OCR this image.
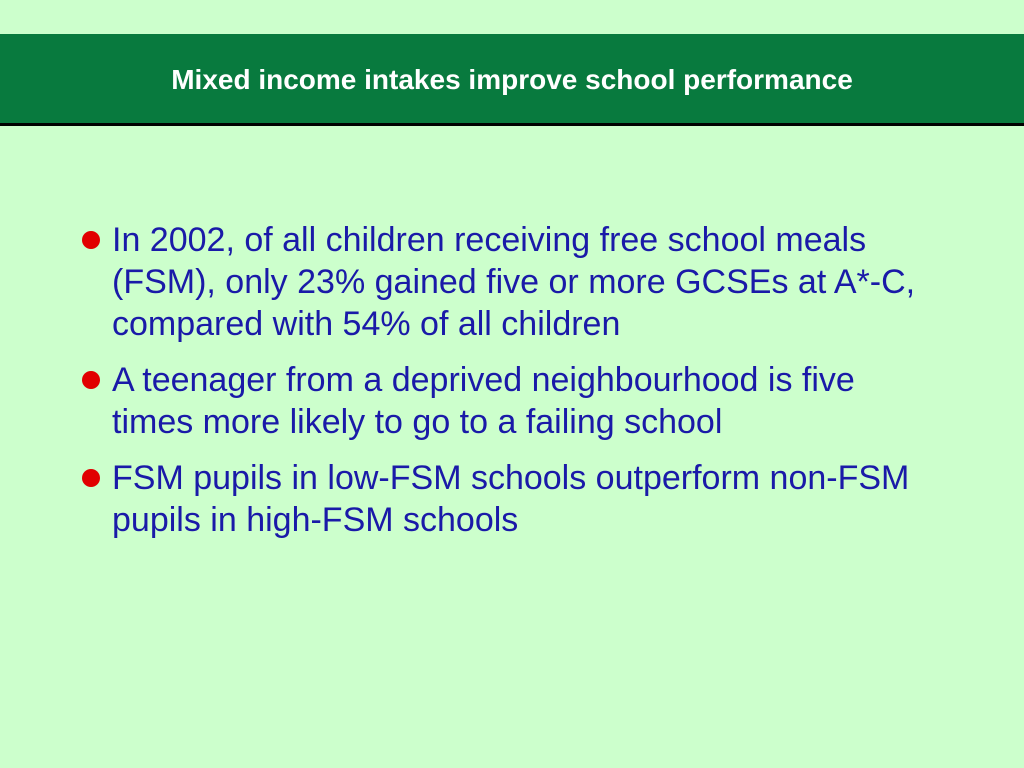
Mixed income intakes improve school performance
In 2002, of all children receiving free school meals (FSM), only 23% gained five or more GCSEs at A*-C, compared with 54% of all children
A teenager from a deprived neighbourhood is five times more likely to go to a failing school
FSM pupils in low-FSM schools outperform non-FSM pupils in high-FSM schools
